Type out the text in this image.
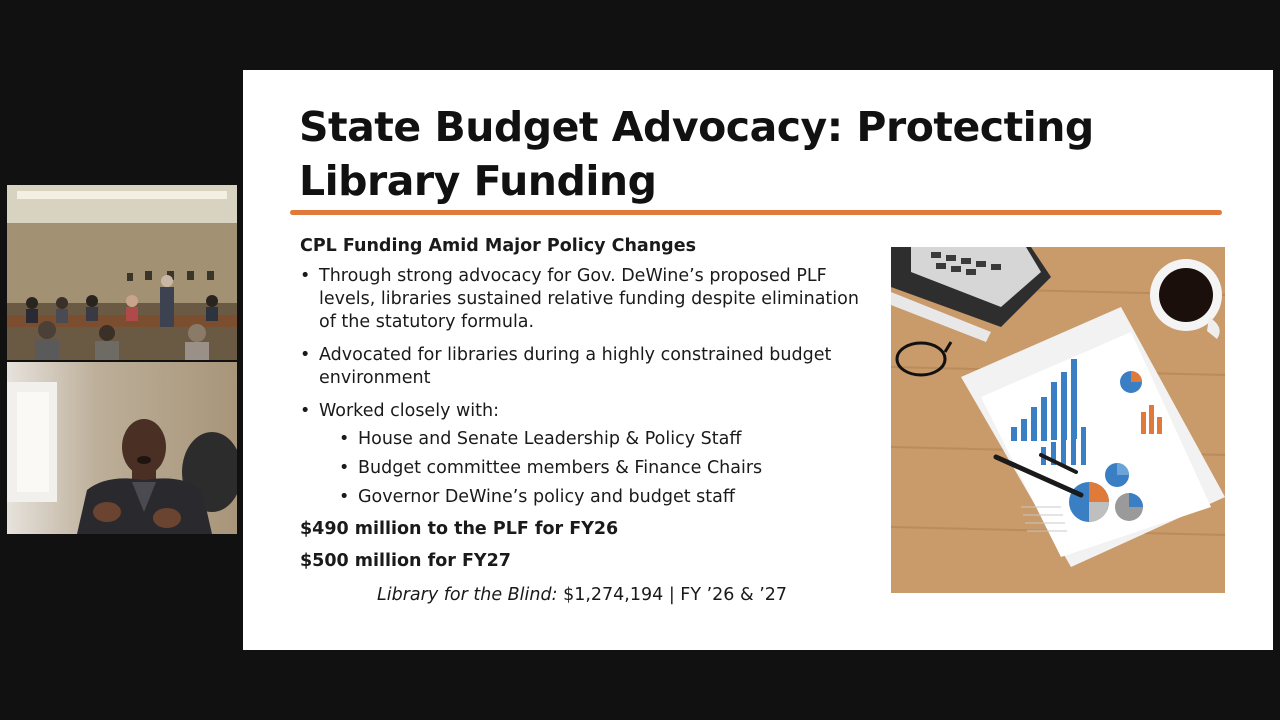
State Budget Advocacy: Protecting Library Funding
CPL Funding Amid Major Policy Changes
• Through strong advocacy for Gov. DeWine’s proposed PLF levels, libraries sustained relative funding despite elimination of the statutory formula.
• Advocated for libraries during a highly constrained budget environment
• Worked closely with:
• House and Senate Leadership & Policy Staff
• Budget committee members & Finance Chairs
• Governor DeWine’s policy and budget staff
$490 million to the PLF for FY26
$500 million for FY27
Library for the Blind: $1,274,194 | FY ’26 & ’27
